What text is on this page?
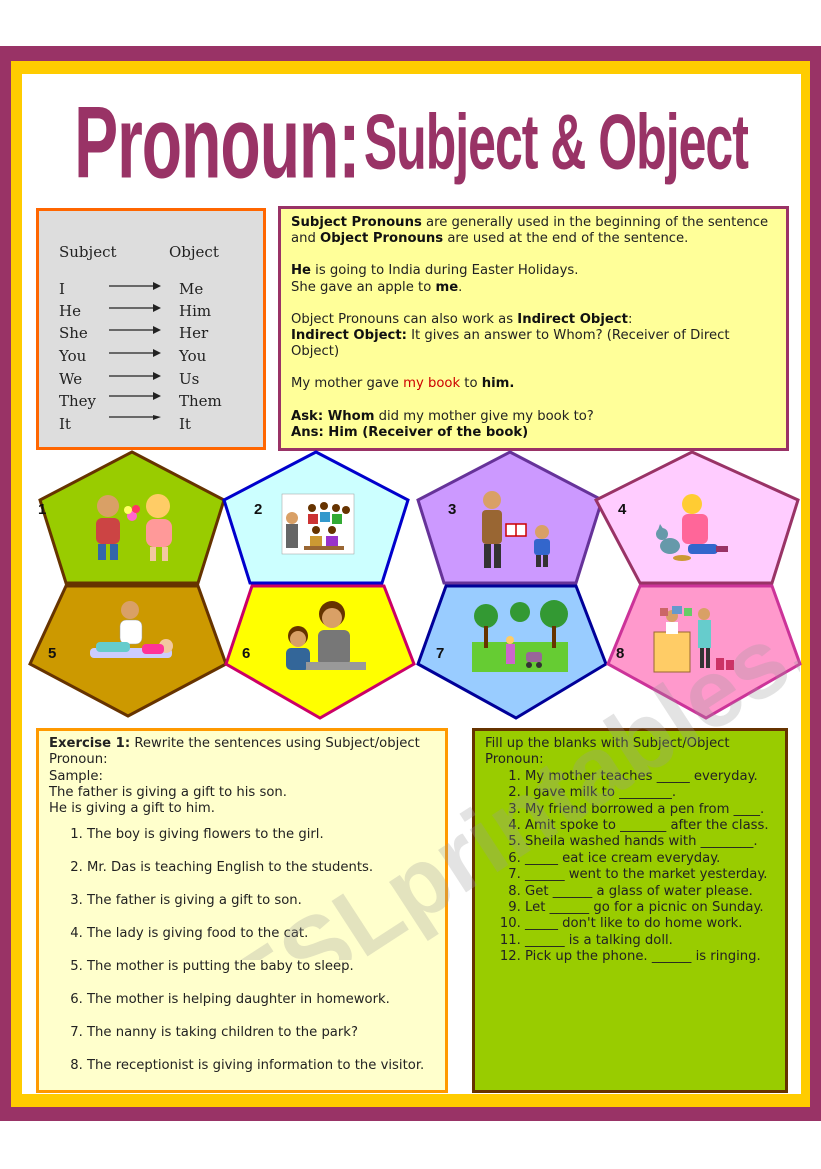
Pronoun:
Subject & Object
Subject	Object
I	Me
He	Him
She	Her
You	You
We	Us
They	Them
It	It

Subject Pronouns are generally used in the beginning of the sentence and Object Pronouns are used at the end of the sentence.

He is going to India during Easter Holidays.
She gave an apple to me.

Object Pronouns can also work as Indirect Object:
Indirect Object: It gives an answer to Whom? (Receiver of Direct Object)

My mother gave my book to him.

Ask: Whom did my mother give my book to?
Ans: Him (Receiver of the book)

1	2	3	4
5	6	7	8
Exercise 1: Rewrite the sentences using Subject/object Pronoun:
Sample:
The father is giving a gift to his son.
He is giving a gift to him.
1. The boy is giving flowers to the girl.
2. Mr. Das is teaching English to the students.
3. The father is giving a gift to son.
4. The lady is giving food to the cat.
5. The mother is putting the baby to sleep.
6. The mother is helping daughter in homework.
7. The nanny is taking children to the park?
8. The receptionist is giving information to the visitor.
Fill up the blanks with Subject/Object Pronoun:
1. My mother teaches _____ everyday.
2. I gave milk to ________.
3. My friend borrowed a pen from ____.
4. Amit spoke to _______ after the class.
5. Sheila washed hands with ________.
6. _____ eat ice cream everyday.
7. ______ went to the market yesterday.
8. Get ______ a glass of water please.
9. Let ______ go for a picnic on Sunday.
10. _____ don't like to do home work.
11. ______ is a talking doll.
12. Pick up the phone. ______ is ringing.
